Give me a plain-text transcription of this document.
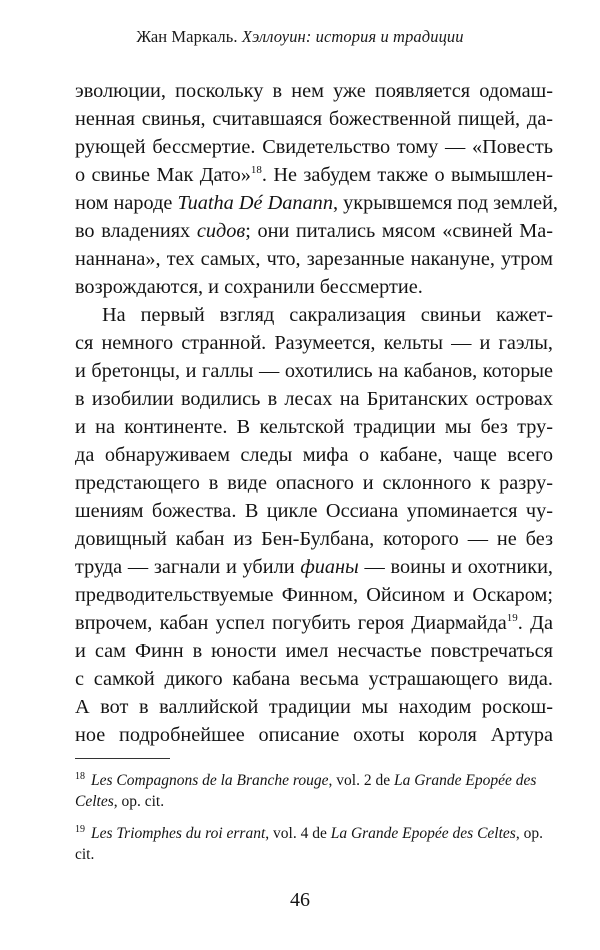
Жан Маркаль. Хэллоуин: история и традиции
эволюции, поскольку в нем уже появляется одомаш-
ненная свинья, считавшаяся божественной пищей, да-
рующей бессмертие. Свидетельство тому — «Повесть
о свинье Мак Дато»$^{18}$. Не забудем также о вымышлен-
ном народе Tuatha Dé Danann, укрывшемся под землей,
во владениях сидов; они питались мясом «свиней Ма-
наннана», тех самых, что, зарезанные накануне, утром
возрождаются, и сохранили бессмертие.
На первый взгляд сакрализация свиньи кажет-
ся немного странной. Разумеется, кельты — и гаэлы,
и бретонцы, и галлы — охотились на кабанов, которые
в изобилии водились в лесах на Британских островах
и на континенте. В кельтской традиции мы без тру-
да обнаруживаем следы мифа о кабане, чаще всего
предстающего в виде опасного и склонного к разру-
шениям божества. В цикле Оссиана упоминается чу-
довищный кабан из Бен-Булбана, которого — не без
труда — загнали и убили фианы — воины и охотники,
предводительствуемые Финном, Ойсином и Оскаром;
впрочем, кабан успел погубить героя Диармайда$^{19}$. Да
и сам Финн в юности имел несчастье повстречаться
с самкой дикого кабана весьма устрашающего вида.
А вот в валлийской традиции мы находим роскош-
ное подробнейшее описание охоты короля Артура
$^{18}$ Les Compagnons de la Branche rouge, vol. 2 de La Grande Epopée des Celtes, op. cit.
$^{19}$ Les Triomphes du roi errant, vol. 4 de La Grande Epopée des Celtes, op. cit.
46
